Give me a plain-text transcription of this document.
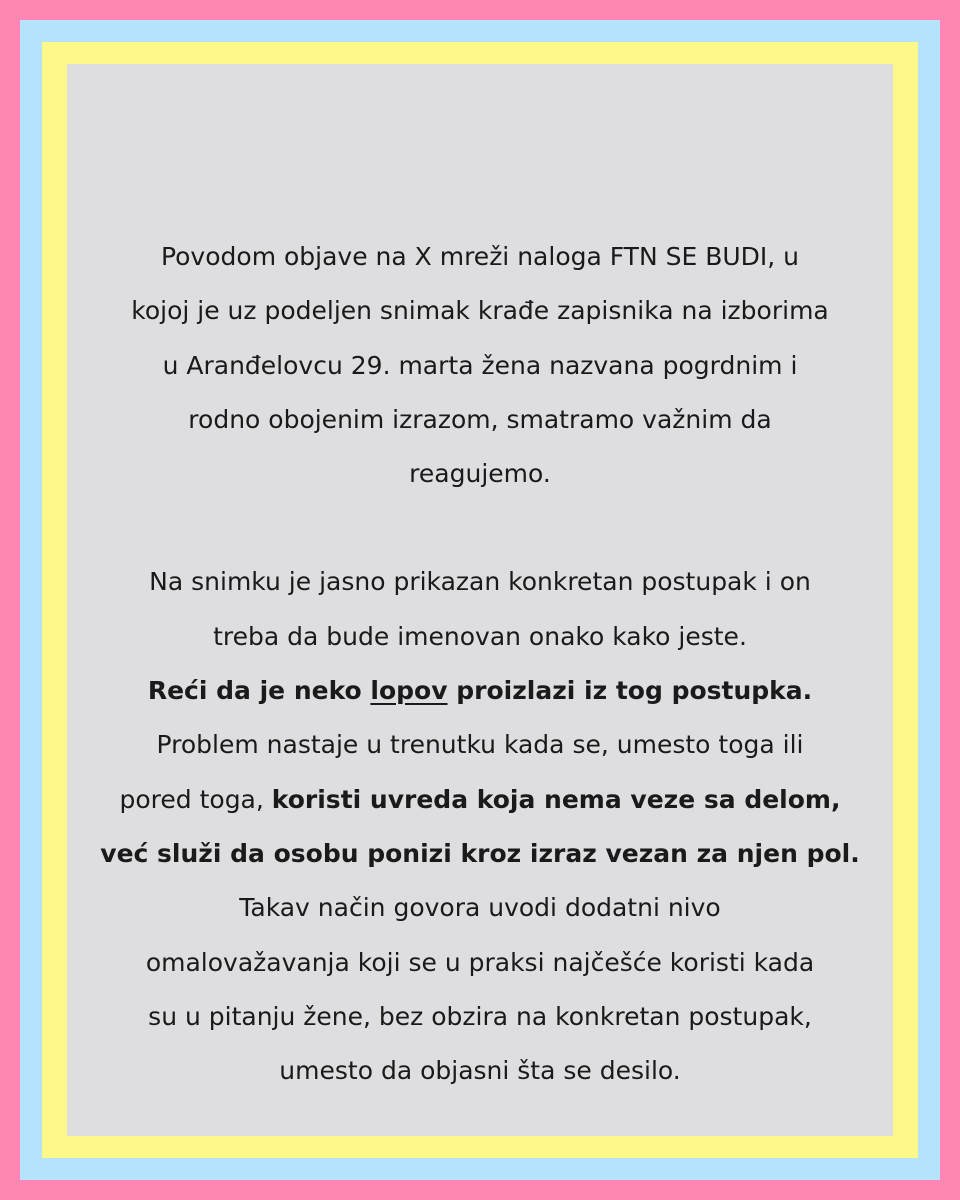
Povodom objave na X mreži naloga FTN SE BUDI, u
kojoj je uz podeljen snimak krađe zapisnika na izborima
u Aranđelovcu 29. marta žena nazvana pogrdnim i
rodno obojenim izrazom, smatramo važnim da
reagujemo.
Na snimku je jasno prikazan konkretan postupak i on
treba da bude imenovan onako kako jeste.
Reći da je neko lopov proizlazi iz tog postupka.
Problem nastaje u trenutku kada se, umesto toga ili
pored toga, koristi uvreda koja nema veze sa delom,
već služi da osobu ponizi kroz izraz vezan za njen pol.
Takav način govora uvodi dodatni nivo
omalovažavanja koji se u praksi najčešće koristi kada
su u pitanju žene, bez obzira na konkretan postupak,
umesto da objasni šta se desilo.
